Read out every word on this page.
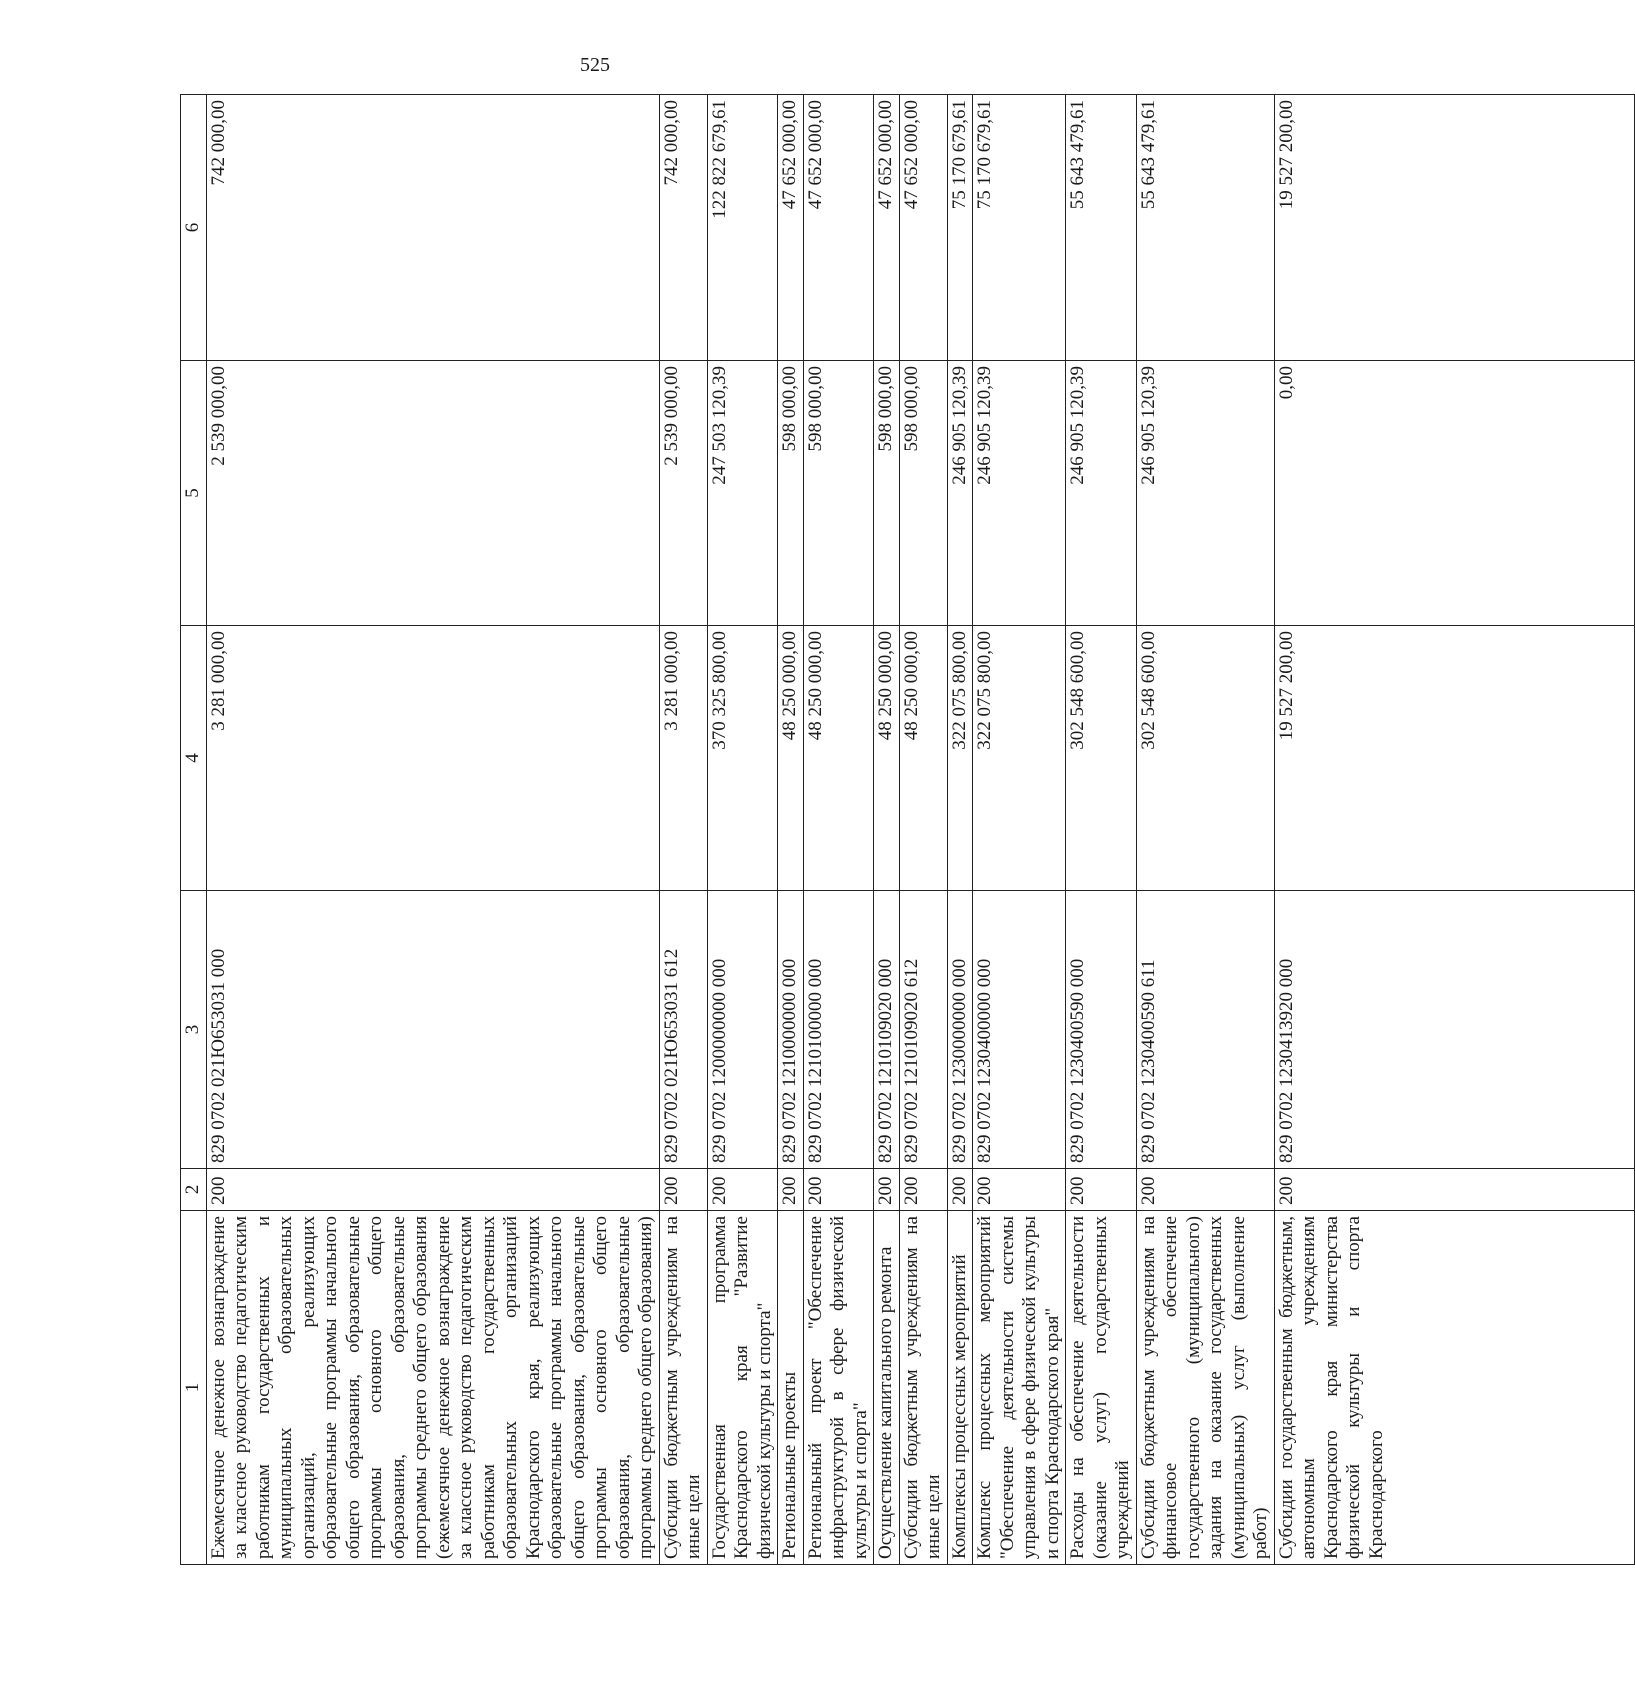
525
1	2	3	4	5	6
Ежемесячное денежное вознаграждение за классное руководство педагогическим работникам государственных и муниципальных образовательных организаций, реализующих образовательные программы начального общего образования, образовательные программы основного общего образования, образовательные программы среднего общего образования (ежемесячное денежное вознаграждение за классное руководство педагогическим работникам государственных образовательных организаций Краснодарского края, реализующих образовательные программы начального общего образования, образовательные программы основного общего образования, образовательные программы среднего общего образования)	200	829 0702 021Ю653031 000	3 281 000,00	2 539 000,00	742 000,00
Субсидии бюджетным учреждениям на иные цели	200	829 0702 021Ю653031 612	3 281 000,00	2 539 000,00	742 000,00
Государственная программа Краснодарского края "Развитие физической культуры и спорта"	200	829 0702 1200000000 000	370 325 800,00	247 503 120,39	122 822 679,61
Региональные проекты	200	829 0702 1210000000 000	48 250 000,00	598 000,00	47 652 000,00
Региональный проект "Обеспечение инфраструктурой в сфере физической культуры и спорта"	200	829 0702 1210100000 000	48 250 000,00	598 000,00	47 652 000,00
Осуществление капитального ремонта	200	829 0702 1210109020 000	48 250 000,00	598 000,00	47 652 000,00
Субсидии бюджетным учреждениям на иные цели	200	829 0702 1210109020 612	48 250 000,00	598 000,00	47 652 000,00
Комплексы процессных мероприятий	200	829 0702 1230000000 000	322 075 800,00	246 905 120,39	75 170 679,61
Комплекс процессных мероприятий "Обеспечение деятельности системы управления в сфере физической культуры и спорта Краснодарского края"	200	829 0702 1230400000 000	322 075 800,00	246 905 120,39	75 170 679,61
Расходы на обеспечение деятельности (оказание услуг) государственных учреждений	200	829 0702 1230400590 000	302 548 600,00	246 905 120,39	55 643 479,61
Субсидии бюджетным учреждениям на финансовое обеспечение государственного (муниципального) задания на оказание государственных (муниципальных) услуг (выполнение работ)	200	829 0702 1230400590 611	302 548 600,00	246 905 120,39	55 643 479,61
Субсидии государственным бюджетным, автономным учреждениям Краснодарского края министерства физической культуры и спорта Краснодарского	200	829 0702 1230413920 000	19 527 200,00	0,00	19 527 200,00
